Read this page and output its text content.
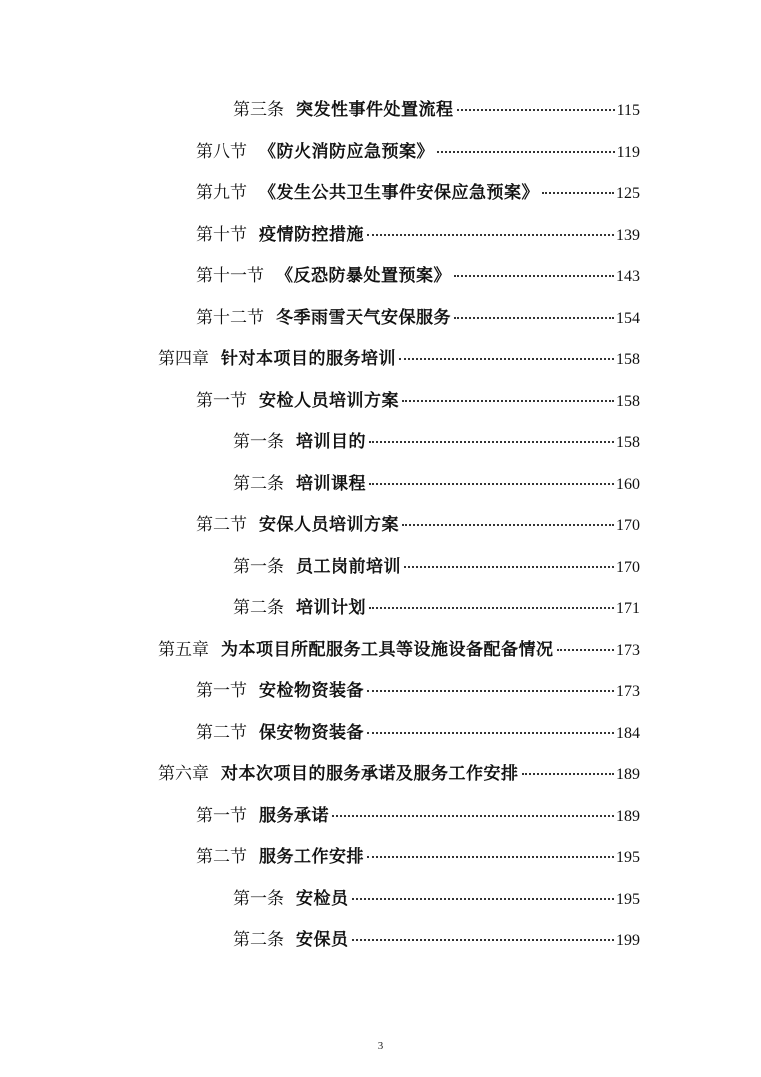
第三条 突发性事件处置流程	115
第八节 《防火消防应急预案》	119
第九节 《发生公共卫生事件安保应急预案》	125
第十节 疫情防控措施	139
第十一节 《反恐防暴处置预案》	143
第十二节 冬季雨雪天气安保服务	154
第四章 针对本项目的服务培训	158
第一节 安检人员培训方案	158
第一条 培训目的	158
第二条 培训课程	160
第二节 安保人员培训方案	170
第一条 员工岗前培训	170
第二条 培训计划	171
第五章 为本项目所配服务工具等设施设备配备情况	173
第一节 安检物资装备	173
第二节 保安物资装备	184
第六章 对本次项目的服务承诺及服务工作安排	189
第一节 服务承诺	189
第二节 服务工作安排	195
第一条 安检员	195
第二条 安保员	199
3
